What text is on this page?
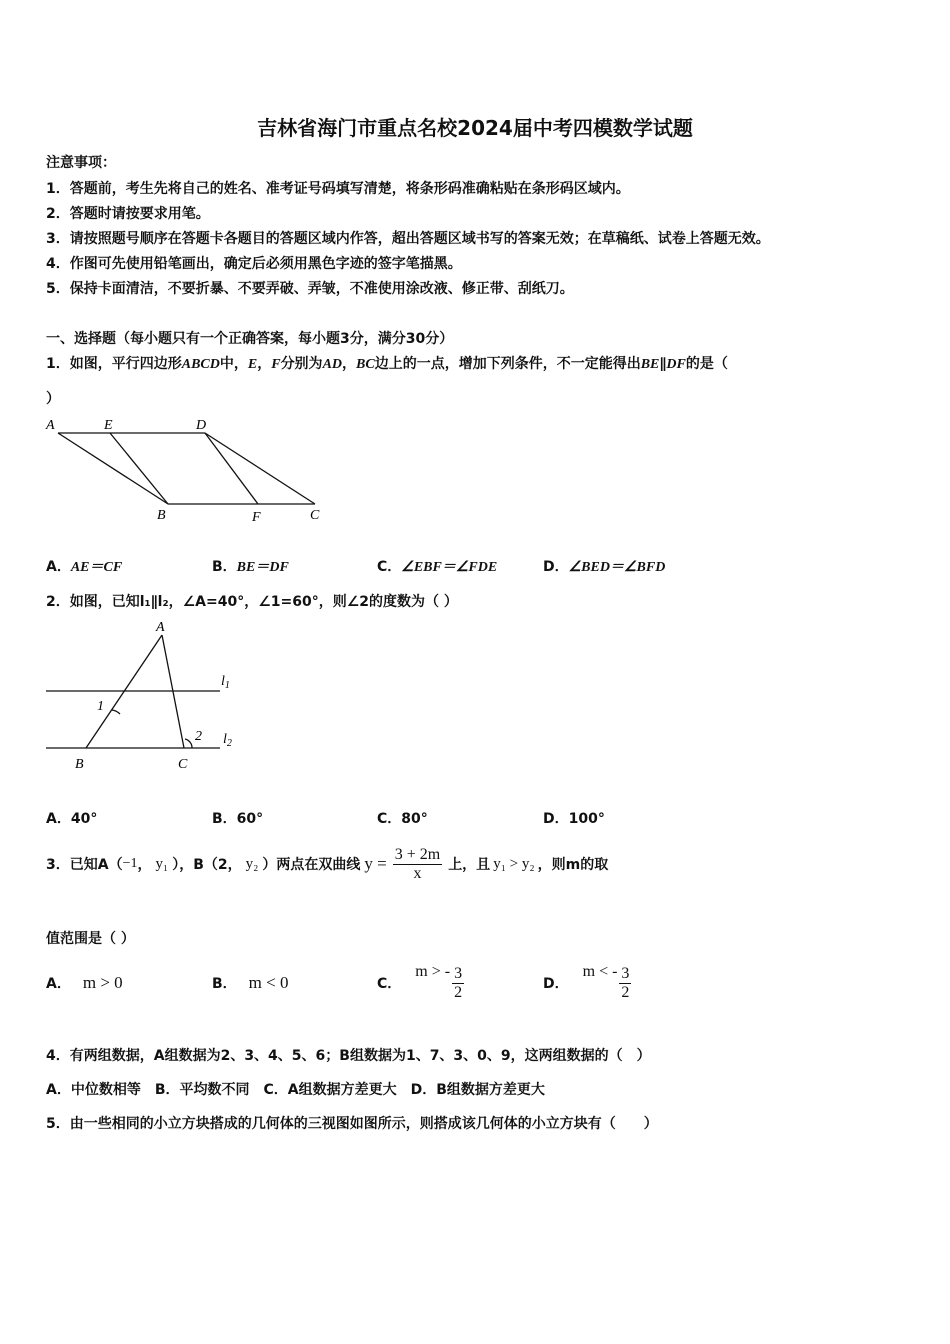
吉林省海门市重点名校2024届中考四模数学试题
注意事项：
1．答题前，考生先将自己的姓名、准考证号码填写清楚，将条形码准确粘贴在条形码区域内。
2．答题时请按要求用笔。
3．请按照题号顺序在答题卡各题目的答题区域内作答，超出答题区域书写的答案无效；在草稿纸、试卷上答题无效。
4．作图可先使用铅笔画出，确定后必须用黑色字迹的签字笔描黑。
5．保持卡面清洁，不要折暴、不要弄破、弄皱，不准使用涂改液、修正带、刮纸刀。
一、选择题（每小题只有一个正确答案，每小题3分，满分30分）
1．如图，平行四边形ABCD中，E，F分别为AD，BC边上的一点，增加下列条件，不一定能得出BE∥DF的是（
）
A	E	D
B	F	C
A．AE＝CF	B．BE＝DF	C．∠EBF＝∠FDE	D．∠BED＝∠BFD
2．如图，已知l₁∥l₂，∠A=40°，∠1=60°，则∠2的度数为（ ）
A
B	C
1
2
$l_1$
$l_2$
A．40°	B．60°	C．80°	D．100°
3．已知A（ −1 ， y₁ ），B（2， y₂ ）两点在双曲线 $y = \frac{3 + 2m}{x}$ 上，且 y₁ > y₂ ，则m的取
值范围是（ ）
A． m > 0	B． m < 0	C．
m > - $\frac{3}{2}$	D．
m < - $\frac{3}{2}$
4．有两组数据，A组数据为2、3、4、5、6；B组数据为1、7、3、0、9，这两组数据的（　）
A．中位数相等　B．平均数不同　C．A组数据方差更大　D．B组数据方差更大
5．由一些相同的小立方块搭成的几何体的三视图如图所示，则搭成该几何体的小立方块有（　　）
